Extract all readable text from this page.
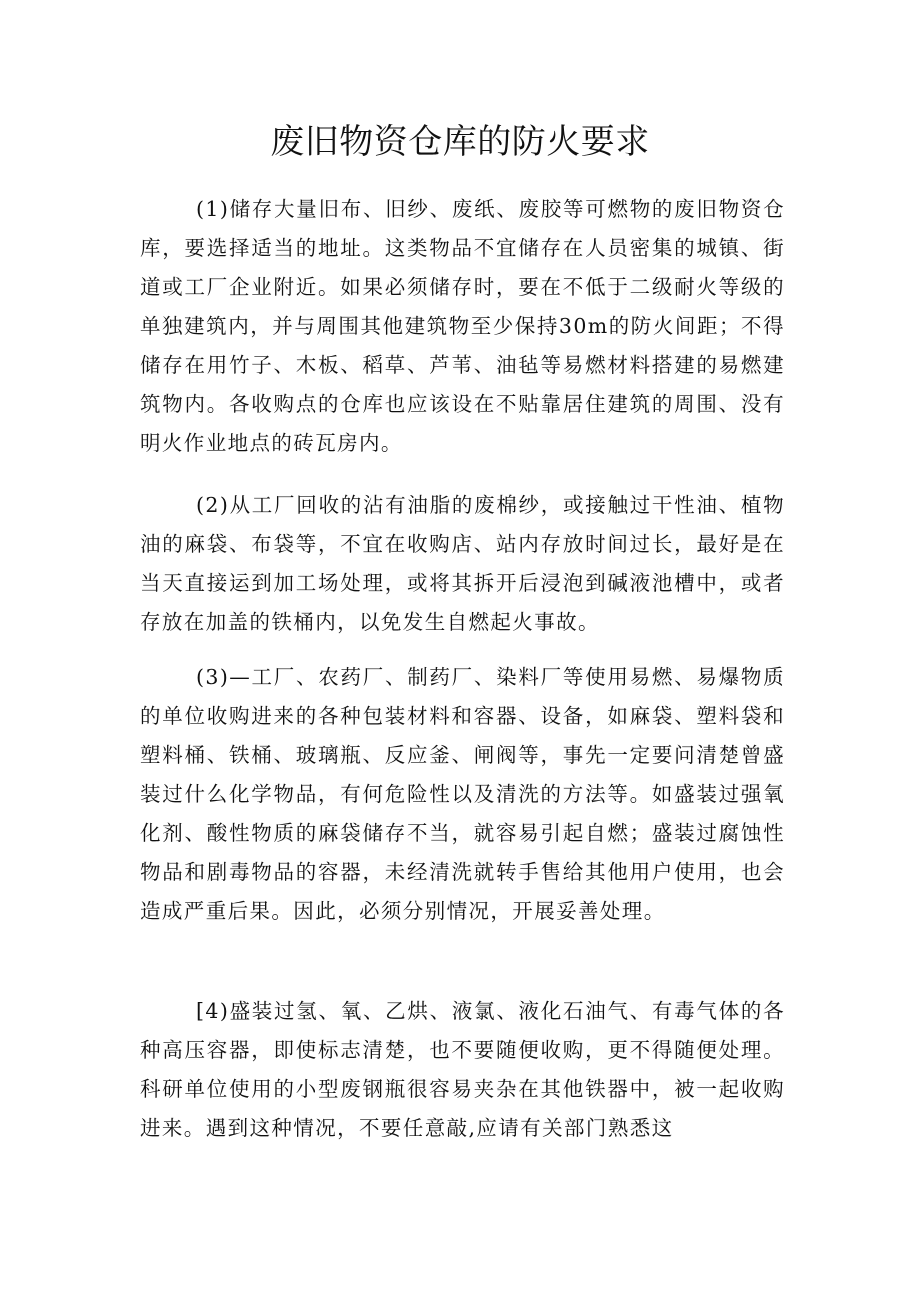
废旧物资仓库的防火要求

(1)储存大量旧布、旧纱、废纸、废胶等可燃物的废旧物资仓库，要选择适当的地址。这类物品不宜储存在人员密集的城镇、街道或工厂企业附近。如果必须储存时，要在不低于二级耐火等级的单独建筑内，并与周围其他建筑物至少保持30m的防火间距；不得储存在用竹子、木板、稻草、芦苇、油毡等易燃材料搭建的易燃建筑物内。各收购点的仓库也应该设在不贴靠居住建筑的周围、没有明火作业地点的砖瓦房内。

(2)从工厂回收的沾有油脂的废棉纱，或接触过干性油、植物油的麻袋、布袋等，不宜在收购店、站内存放时间过长，最好是在当天直接运到加工场处理，或将其拆开后浸泡到碱液池槽中，或者存放在加盖的铁桶内，以免发生自燃起火事故。

(3)—工厂、农药厂、制药厂、染料厂等使用易燃、易爆物质的单位收购进来的各种包装材料和容器、设备，如麻袋、塑料袋和塑料桶、铁桶、玻璃瓶、反应釜、闸阀等，事先一定要问清楚曾盛装过什么化学物品，有何危险性以及清洗的方法等。如盛装过强氧化剂、酸性物质的麻袋储存不当，就容易引起自燃；盛装过腐蚀性物品和剧毒物品的容器，未经清洗就转手售给其他用户使用，也会造成严重后果。因此，必须分别情况，开展妥善处理。

[4)盛装过氢、氧、乙烘、液氯、液化石油气、有毒气体的各种高压容器，即使标志清楚，也不要随便收购，更不得随便处理。科研单位使用的小型废钢瓶很容易夹杂在其他铁器中，被一起收购进来。遇到这种情况，不要任意敲,应请有关部门熟悉这
